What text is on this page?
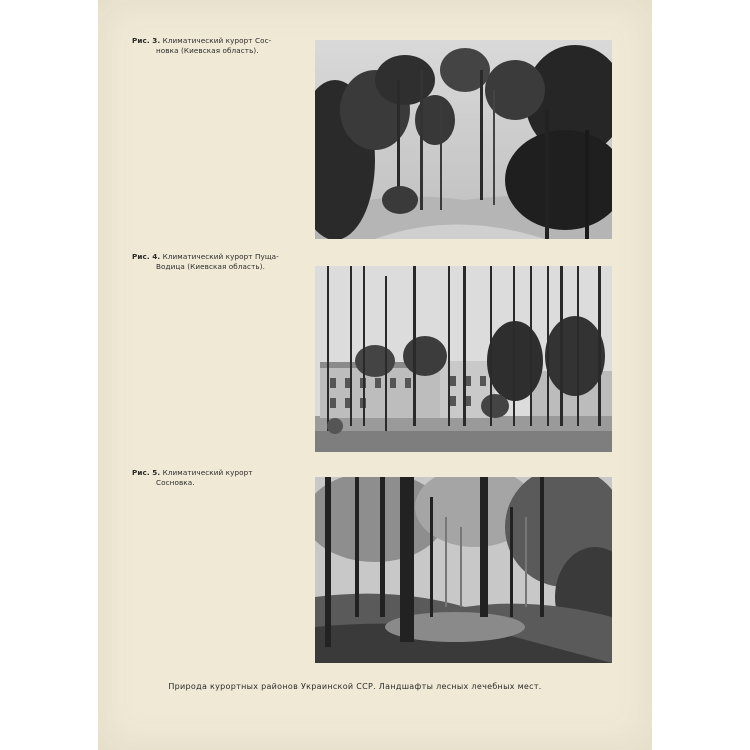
Рис. 3. Климатический курорт Сос-
новка (Киевская область).
Рис. 4. Климатический курорт Пуща-
Водица (Киевская область).
Рис. 5. Климатический курорт
Сосновка.
Природа курортных районов Украинской ССР. Ландшафты лесных лечебных мест.
